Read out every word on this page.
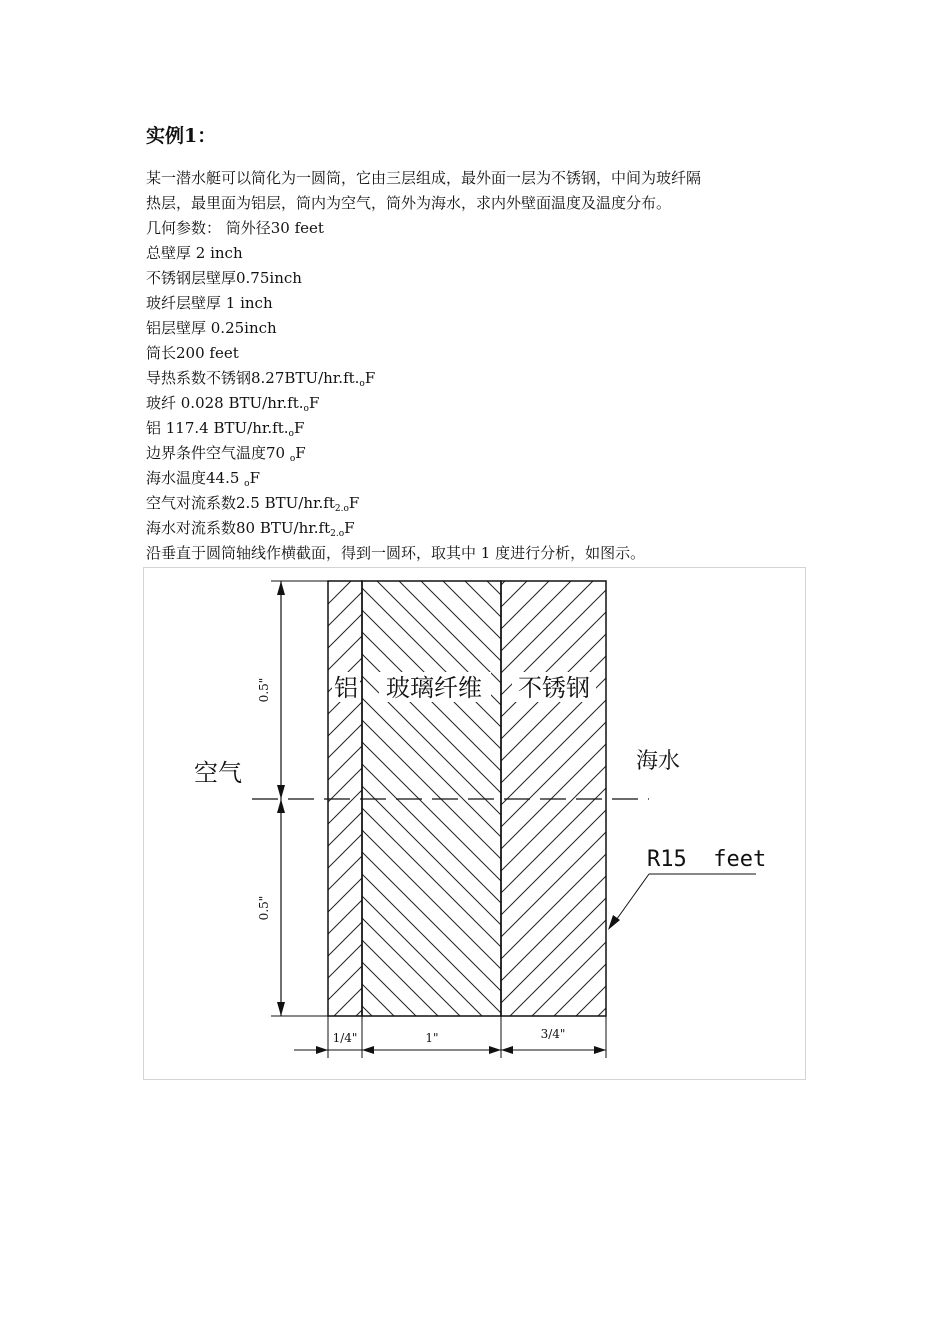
实例1：
某一潜水艇可以简化为一圆筒，它由三层组成，最外面一层为不锈钢，中间为玻纤隔
热层，最里面为铝层，筒内为空气，筒外为海水，求内外壁面温度及温度分布。
几何参数： 筒外径30 feet
总壁厚 2 inch
不锈钢层壁厚0.75inch
玻纤层壁厚 1 inch
铝层壁厚 0.25inch
筒长200 feet
导热系数不锈钢$8.27BTU/hr.ft._oF$
玻纤 0.028 BTU/$hr.ft._oF$
铝 117.4 BTU/$hr.ft._oF$
边界条件空气温度70 $_o$F
海水温度44.5 $_o$F
空气对流系数2.5 BTU/$hr.ft_{2.o}F$
海水对流系数80 BTU/$hr.ft_{2.o}F$
沿垂直于圆筒轴线作横截面，得到一圆环，取其中 1 度进行分析，如图示。
铝 玻璃纤维 不锈钢
空气	海水
0.5"
0.5"
1/4"	1"	3/4"
R15  feet
